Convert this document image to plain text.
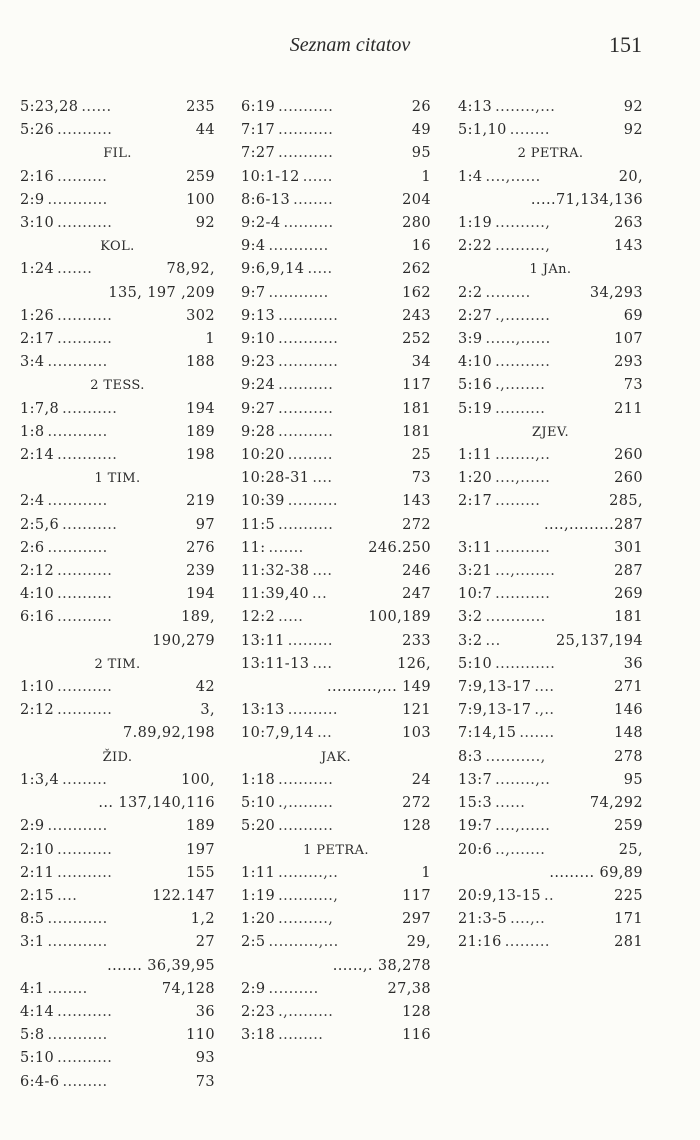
Seznam citatov	151
5:23,28 ......	235
5:26 ...........	44
FIL.
2:16 ..........	259
2:9 ............	100
3:10 ...........	92
KOL.
1:24 .......	78,92,
135, 197 ,209
1:26 ...........	302
2:17 ...........	1
3:4 ............	188
2 TESS.
1:7,8 ...........	194
1:8 ............	189
2:14 ............	198
1 TIM.
2:4 ............	219
2:5,6 ...........	97
2:6 ............	276
2:12 ...........	239
4:10 ...........	194
6:16 ...........	189,
190,279
2 TIM.
1:10 ...........	42
2:12 ...........	3,
7.89,92,198
ŽID.
1:3,4 .........	100,
... 137,140,116
2:9 ............	189
2:10 ...........	197
2:11 ...........	155
2:15 ....	122.147
8:5 ............	1,2
3:1 ............	27
....... 36,39,95
4:1 ........	74,128
4:14 ...........	36
5:8 ............	110
5:10 ...........	93
6:4-6 .........	73
6:19 ...........	26
7:17 ...........	49
7:27 ...........	95
10:1-12 ......	1
8:6-13 ........	204
9:2-4 ..........	280
9:4 ............	16
9:6,9,14 .....	262
9:7 ............	162
9:13 ............	243
9:10 ............	252
9:23 ............	34
9:24 ...........	117
9:27 ...........	181
9:28 ...........	181
10:20 .........	25
10:28-31 ....	73
10:39 ..........	143
11:5 ...........	272
11: .......	246.250
11:32-38 ....	246
11:39,40 ...	247
12:2 .....	100,189
13:11 .........	233
13:11-13 ....	126,
..........,... 149
13:13 ..........	121
10:7,9,14 ...	103
JAK.
1:18 ...........	24
5:10 .,.........	272
5:20 ...........	128
1 PETRA.
1:11 .........,..	1
1:19 ...........,	117
1:20 ..........,	297
2:5 ..........,...	29,
......,. 38,278
2:9 ..........	27,38
2:23 .,.........	128
3:18 .........	116
4:13 ........,...	92
5:1,10 ........	92
2 PETRA.
1:4 ....,......	20,
.....71,134,136
1:19 ..........,	263
2:22 ..........,	143
1 JAn.
2:2 .........	34,293
2:27 .,.........	69
3:9 ......,......	107
4:10 ...........	293
5:16 .,........	73
5:19 ..........	211
ZJEV.
1:11 ........,..	260
1:20 ....,......	260
2:17 .........	285,
....,.........287
3:11 ...........	301
3:21 ...,........	287
10:7 ...........	269
3:2 ............	181
3:2 ...	25,137,194
5:10 ............	36
7:9,13-17 ....	271
7:9,13-17 .,..	146
7:14,15 .......	148
8:3 ...........,	278
13:7 ........,..	95
15:3 ......	74,292
19:7 ....,......	259
20:6 ..,.......	25,
......... 69,89
20:9,13-15 ..	225
21:3-5 ....,..	171
21:16 .........	281
